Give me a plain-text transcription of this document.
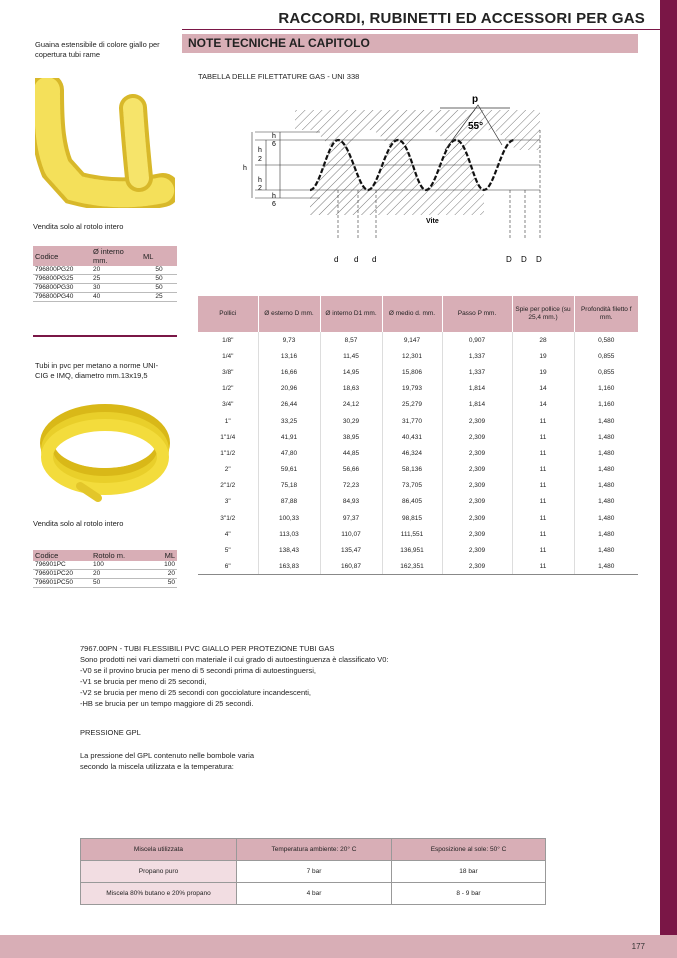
177
RACCORDI, RUBINETTI ED ACCESSORI PER GAS
NOTE TECNICHE AL CAPITOLO
Guaina estensibile di colore giallo per copertura tubi rame
Vendita solo al rotolo intero
Codice	Ø interno mm.	ML
796800PG20	20	50
796800PG25	25	50
796800PG30	30	50
796800PG40	40	25
Tubi in pvc per metano a norme UNI-CIG e IMQ, diametro mm.13x19,5
Vendita solo al rotolo intero
Codice	Rotolo m.	ML
796901PC	100	100
796901PC20	20	20
796901PC50	50	50
TABELLA DELLE FILETTATURE GAS - UNI 338
p
55°
Vite
h
h
2
h
2
h
6
h
6
d d d	D D D
Pollici	Ø esterno D mm.	Ø interno D1 mm.	Ø medio d. mm.	Passo P mm.	Spie per pollice (su 25,4 mm.)	Profondità filetto f mm.
1/8"	9,73	8,57	9,147	0,907	28	0,580
1/4"	13,16	11,45	12,301	1,337	19	0,855
3/8"	16,66	14,95	15,806	1,337	19	0,855
1/2"	20,96	18,63	19,793	1,814	14	1,160
3/4"	26,44	24,12	25,279	1,814	14	1,160
1"	33,25	30,29	31,770	2,309	11	1,480
1"1/4	41,91	38,95	40,431	2,309	11	1,480
1"1/2	47,80	44,85	46,324	2,309	11	1,480
2"	59,61	56,66	58,136	2,309	11	1,480
2"1/2	75,18	72,23	73,705	2,309	11	1,480
3"	87,88	84,93	86,405	2,309	11	1,480
3"1/2	100,33	97,37	98,815	2,309	11	1,480
4"	113,03	110,07	111,551	2,309	11	1,480
5"	138,43	135,47	136,951	2,309	11	1,480
6"	163,83	160,87	162,351	2,309	11	1,480
7967.00PN - TUBI FLESSIBILI PVC GIALLO PER PROTEZIONE TUBI GAS
Sono prodotti nei vari diametri con materiale il cui grado di autoestinguenza è classificato V0:
-V0 se il provino brucia per meno di 5 secondi prima di autoestinguersi,
-V1 se brucia per meno di 25 secondi,
-V2 se brucia per meno di 25 secondi con gocciolature incandescenti,
-HB se brucia per un tempo maggiore di 25 secondi.
PRESSIONE GPL
La pressione del GPL contenuto nelle bombole varia
secondo la miscela utilizzata e la temperatura:
Miscela utilizzata	Temperatura ambiente: 20° C	Esposizione al sole: 50° C
Propano puro	7 bar	18 bar
Miscela 80% butano e 20% propano	4 bar	8 - 9 bar
